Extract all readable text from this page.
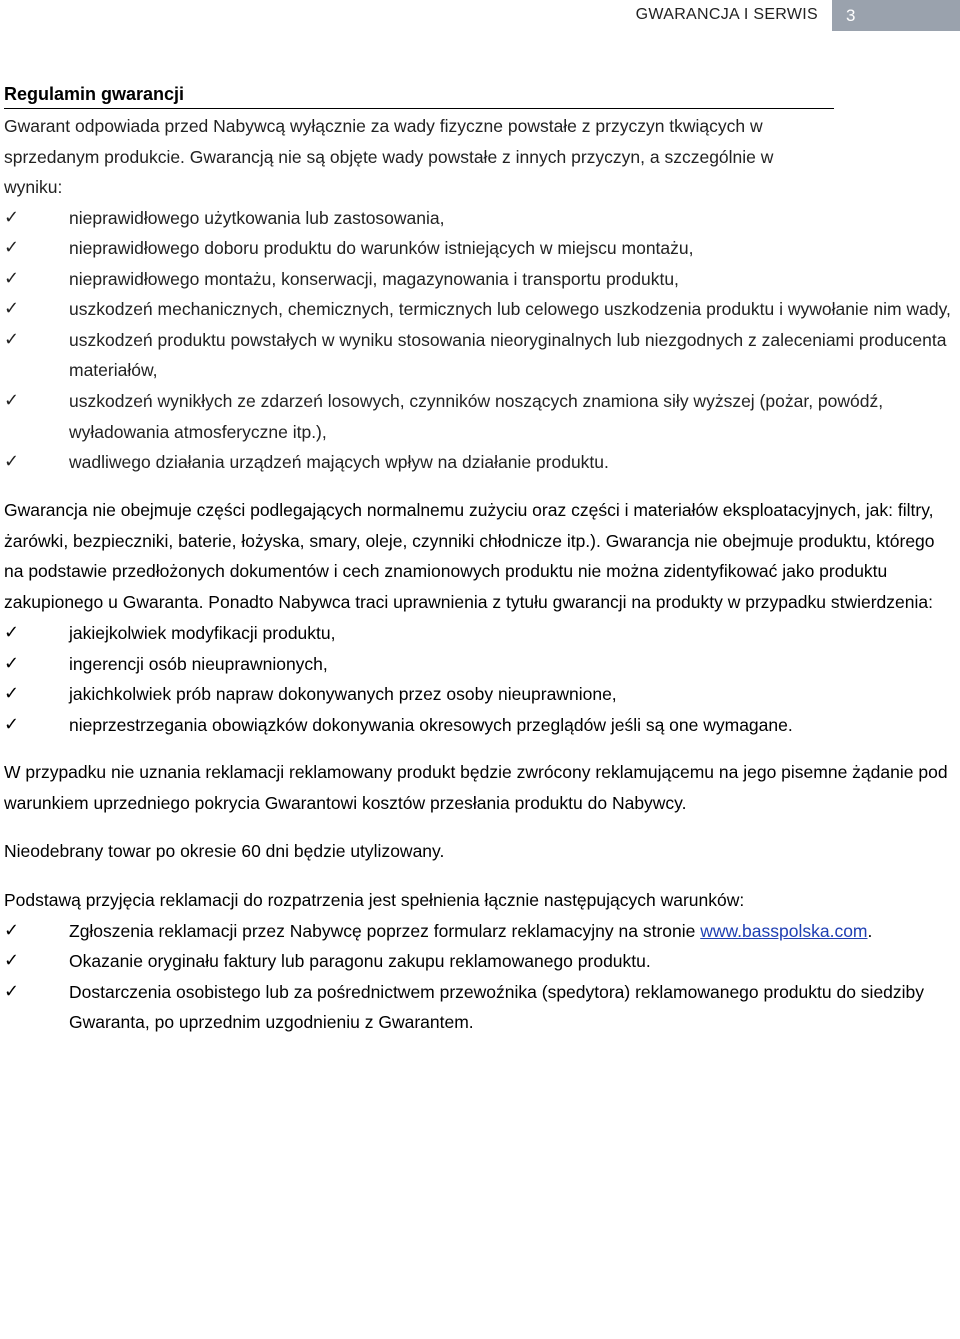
GWARANCJA I SERWIS	3
Regulamin gwarancji

Gwarant odpowiada przed Nabywcą wyłącznie za wady fizyczne powstałe z przyczyn tkwiących w sprzedanym produkcie. Gwarancją nie są objęte wady powstałe z innych przyczyn, a szczególnie w wyniku:

✓	nieprawidłowego użytkowania lub zastosowania,
✓	nieprawidłowego doboru produktu do warunków istniejących w miejscu montażu,
✓	nieprawidłowego montażu, konserwacji, magazynowania i transportu produktu,
✓	uszkodzeń mechanicznych, chemicznych, termicznych lub celowego uszkodzenia produktu i wywołanie nim wady,
✓	uszkodzeń produktu powstałych w wyniku stosowania nieoryginalnych lub niezgodnych z zaleceniami producenta materiałów,
✓	uszkodzeń wynikłych ze zdarzeń losowych, czynników noszących znamiona siły wyższej (pożar, powódź, wyładowania atmosferyczne itp.),
✓	wadliwego działania urządzeń mających wpływ na działanie produktu.

Gwarancja nie obejmuje części podlegających normalnemu zużyciu oraz części i materiałów eksploatacyjnych, jak: filtry, żarówki, bezpieczniki, baterie, łożyska, smary, oleje, czynniki chłodnicze itp.). Gwarancja nie obejmuje produktu, którego na podstawie przedłożonych dokumentów i cech znamionowych produktu nie można zidentyfikować jako produktu zakupionego u Gwaranta. Ponadto Nabywca traci uprawnienia z tytułu gwarancji na produkty w przypadku stwierdzenia:

✓	jakiejkolwiek modyfikacji produktu,
✓	ingerencji osób nieuprawnionych,
✓	jakichkolwiek prób napraw dokonywanych przez osoby nieuprawnione,
✓	nieprzestrzegania obowiązków dokonywania okresowych przeglądów jeśli są one wymagane.

W przypadku nie uznania reklamacji reklamowany produkt będzie zwrócony reklamującemu na jego pisemne żądanie pod warunkiem uprzedniego pokrycia Gwarantowi kosztów przesłania produktu do Nabywcy.

Nieodebrany towar po okresie 60 dni będzie utylizowany.

Podstawą przyjęcia reklamacji do rozpatrzenia jest spełnienia łącznie następujących warunków:

✓	Zgłoszenia reklamacji przez Nabywcę poprzez formularz reklamacyjny na stronie www.basspolska.com.
✓	Okazanie oryginału faktury lub paragonu zakupu reklamowanego produktu.
✓	Dostarczenia osobistego lub za pośrednictwem przewoźnika (spedytora) reklamowanego produktu do siedziby Gwaranta, po uprzednim uzgodnieniu z Gwarantem.
